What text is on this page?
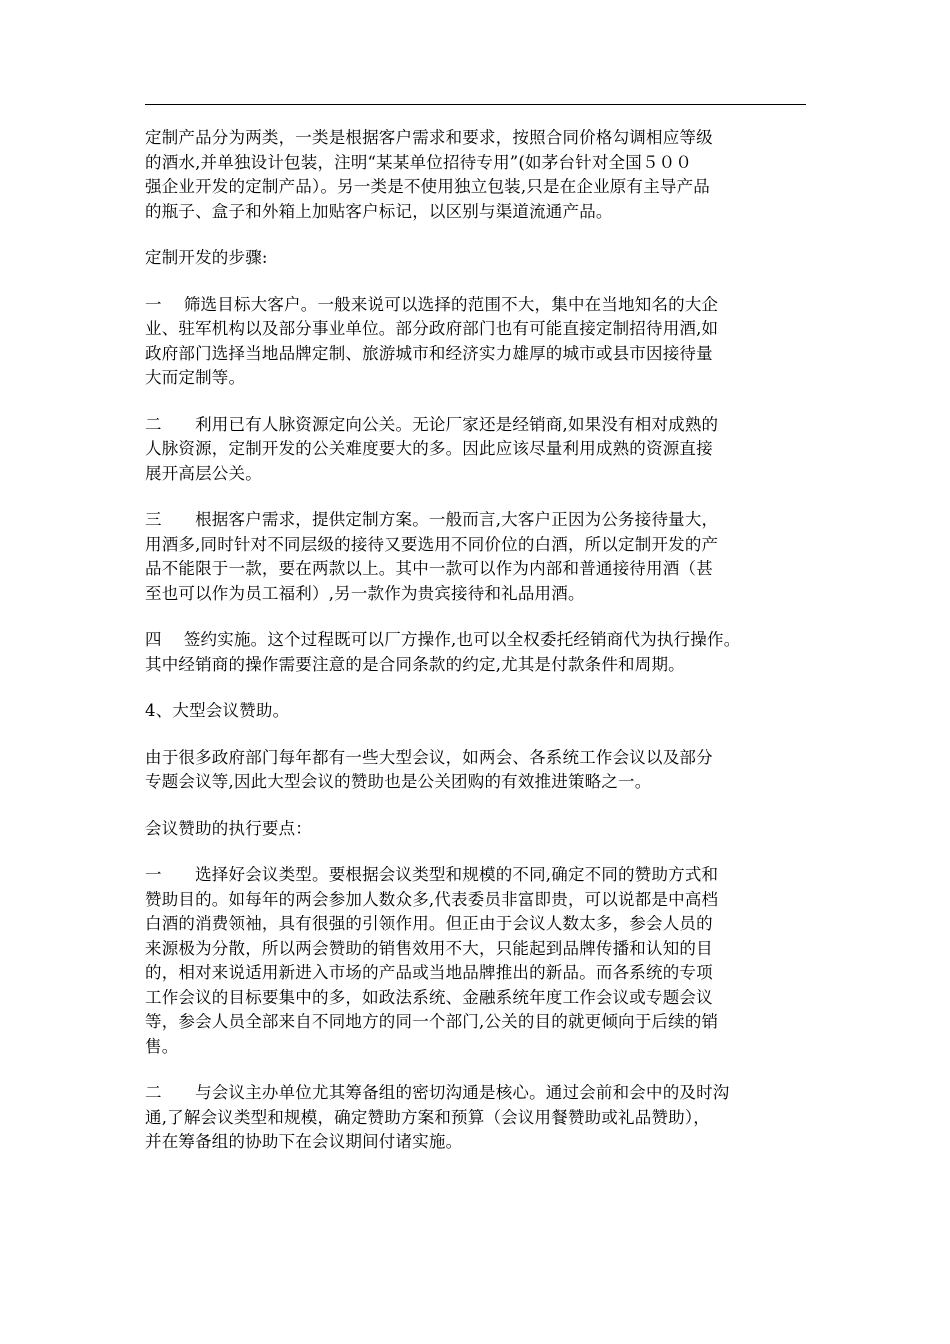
定制产品分为两类，一类是根据客户需求和要求，按照合同价格勾调相应等级
的酒水,并单独设计包装，注明“某某单位招待专用”(如茅台针对全国５００
强企业开发的定制产品）。另一类是不使用独立包装,只是在企业原有主导产品
的瓶子、盒子和外箱上加贴客户标记，以区别与渠道流通产品。

定制开发的步骤:

一　 筛选目标大客户。一般来说可以选择的范围不大，集中在当地知名的大企
业、驻军机构以及部分事业单位。部分政府部门也有可能直接定制招待用酒,如
政府部门选择当地品牌定制、旅游城市和经济实力雄厚的城市或县市因接待量
大而定制等。

二　　利用已有人脉资源定向公关。无论厂家还是经销商,如果没有相对成熟的
人脉资源，定制开发的公关难度要大的多。因此应该尽量利用成熟的资源直接
展开高层公关。

三　　根据客户需求，提供定制方案。一般而言,大客户正因为公务接待量大，
用酒多,同时针对不同层级的接待又要选用不同价位的白酒，所以定制开发的产
品不能限于一款，要在两款以上。其中一款可以作为内部和普通接待用酒（甚
至也可以作为员工福利）,另一款作为贵宾接待和礼品用酒。

四　 签约实施。这个过程既可以厂方操作,也可以全权委托经销商代为执行操作。
其中经销商的操作需要注意的是合同条款的约定,尤其是付款条件和周期。

4、大型会议赞助。

由于很多政府部门每年都有一些大型会议，如两会、各系统工作会议以及部分
专题会议等,因此大型会议的赞助也是公关团购的有效推进策略之一。

会议赞助的执行要点：

一　　选择好会议类型。要根据会议类型和规模的不同,确定不同的赞助方式和
赞助目的。如每年的两会参加人数众多,代表委员非富即贵，可以说都是中高档
白酒的消费领袖，具有很强的引领作用。但正由于会议人数太多，参会人员的
来源极为分散，所以两会赞助的销售效用不大，只能起到品牌传播和认知的目
的，相对来说适用新进入市场的产品或当地品牌推出的新品。而各系统的专项
工作会议的目标要集中的多，如政法系统、金融系统年度工作会议或专题会议
等，参会人员全部来自不同地方的同一个部门,公关的目的就更倾向于后续的销
售。

二　　与会议主办单位尤其筹备组的密切沟通是核心。通过会前和会中的及时沟
通,了解会议类型和规模，确定赞助方案和预算（会议用餐赞助或礼品赞助），
并在筹备组的协助下在会议期间付诸实施。
